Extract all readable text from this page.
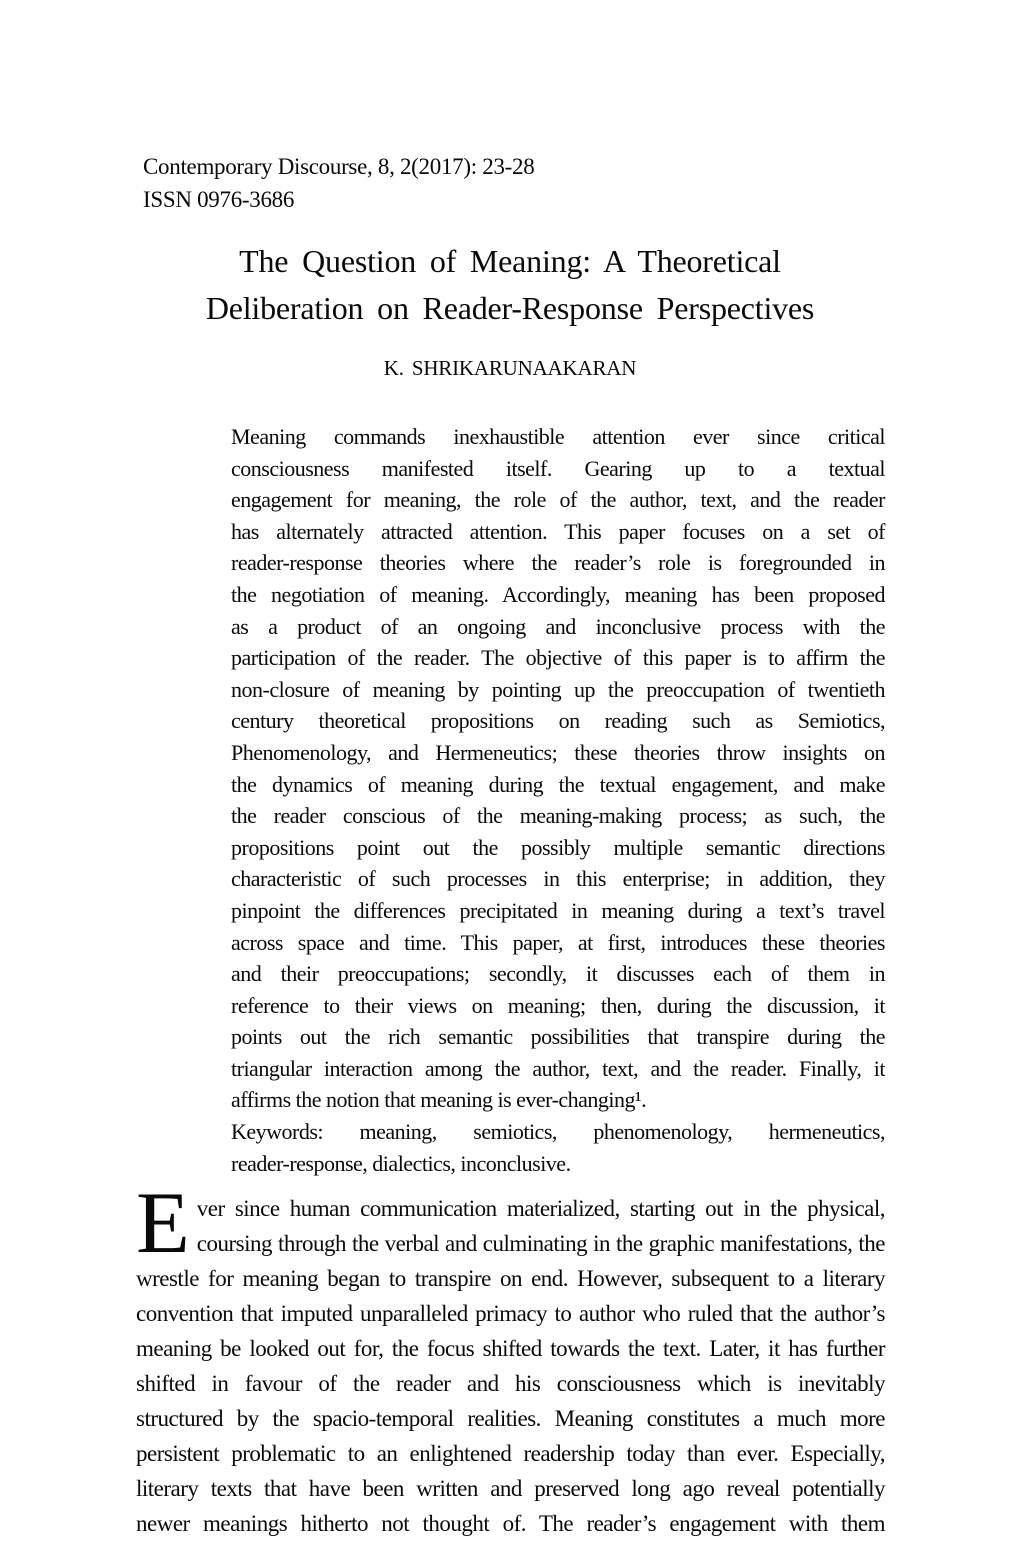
Contemporary Discourse, 8, 2(2017): 23-28
ISSN 0976-3686
The Question of Meaning: A Theoretical
Deliberation on Reader-Response Perspectives
K. SHRIKARUNAAKARAN
Meaning commands inexhaustible attention ever since critical
consciousness manifested itself. Gearing up to a textual
engagement for meaning, the role of the author, text, and the reader
has alternately attracted attention. This paper focuses on a set of
reader-response theories where the reader’s role is foregrounded in
the negotiation of meaning. Accordingly, meaning has been proposed
as a product of an ongoing and inconclusive process with the
participation of the reader. The objective of this paper is to affirm the
non-closure of meaning by pointing up the preoccupation of twentieth
century theoretical propositions on reading such as Semiotics,
Phenomenology, and Hermeneutics; these theories throw insights on
the dynamics of meaning during the textual engagement, and make
the reader conscious of the meaning-making process; as such, the
propositions point out the possibly multiple semantic directions
characteristic of such processes in this enterprise; in addition, they
pinpoint the differences precipitated in meaning during a text’s travel
across space and time. This paper, at first, introduces these theories
and their preoccupations; secondly, it discusses each of them in
reference to their views on meaning; then, during the discussion, it
points out the rich semantic possibilities that transpire during the
triangular interaction among the author, text, and the reader. Finally, it
affirms the notion that meaning is ever-changing¹.
Keywords: meaning, semiotics, phenomenology, hermeneutics,
reader-response, dialectics, inconclusive.
E ver since human communication materialized, starting out in the physical,
coursing through the verbal and culminating in the graphic manifestations, the
wrestle for meaning began to transpire on end. However, subsequent to a literary
convention that imputed unparalleled primacy to author who ruled that the author’s
meaning be looked out for, the focus shifted towards the text. Later, it has further
shifted in favour of the reader and his consciousness which is inevitably
structured by the spacio-temporal realities. Meaning constitutes a much more
persistent problematic to an enlightened readership today than ever. Especially,
literary texts that have been written and preserved long ago reveal potentially
newer meanings hitherto not thought of. The reader’s engagement with them
